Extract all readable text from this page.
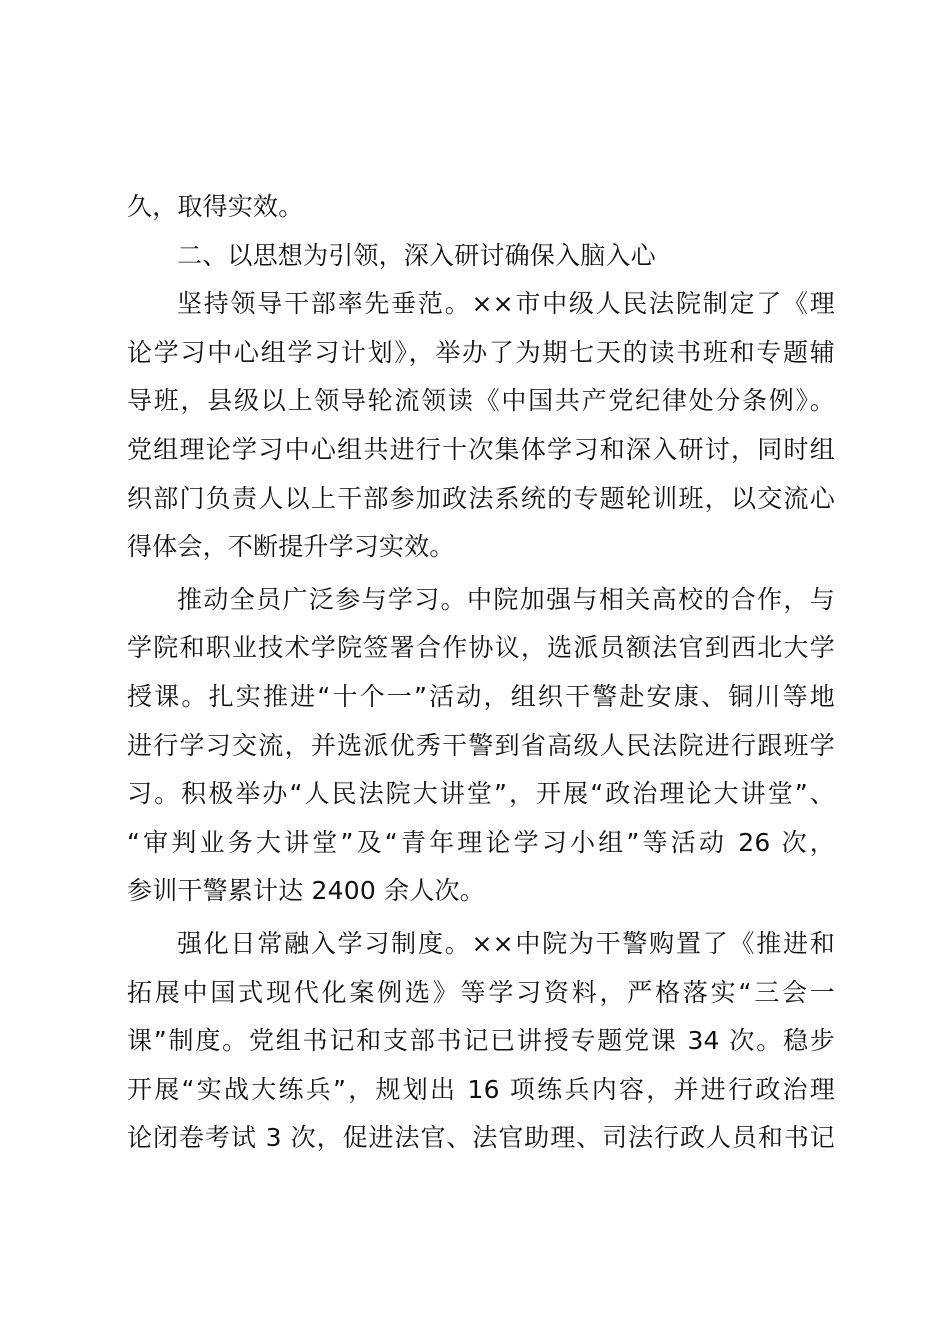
久，取得实效。
二、以思想为引领，深入研讨确保入脑入心
坚持领导干部率先垂范。××市中级人民法院制定了《理
论学习中心组学习计划》，举办了为期七天的读书班和专题辅
导班，县级以上领导轮流领读《中国共产党纪律处分条例》。
党组理论学习中心组共进行十次集体学习和深入研讨，同时组
织部门负责人以上干部参加政法系统的专题轮训班，以交流心
得体会，不断提升学习实效。
推动全员广泛参与学习。中院加强与相关高校的合作，与
学院和职业技术学院签署合作协议，选派员额法官到西北大学
授课。扎实推进“十个一”活动，组织干警赴安康、铜川等地
进行学习交流，并选派优秀干警到省高级人民法院进行跟班学
习。积极举办“人民法院大讲堂”，开展“政治理论大讲堂”、
“审判业务大讲堂”及“青年理论学习小组”等活动 26 次，
参训干警累计达 2400 余人次。
强化日常融入学习制度。××中院为干警购置了《推进和
拓展中国式现代化案例选》等学习资料，严格落实“三会一
课”制度。党组书记和支部书记已讲授专题党课 34 次。稳步
开展“实战大练兵”，规划出 16 项练兵内容，并进行政治理
论闭卷考试 3 次，促进法官、法官助理、司法行政人员和书记
